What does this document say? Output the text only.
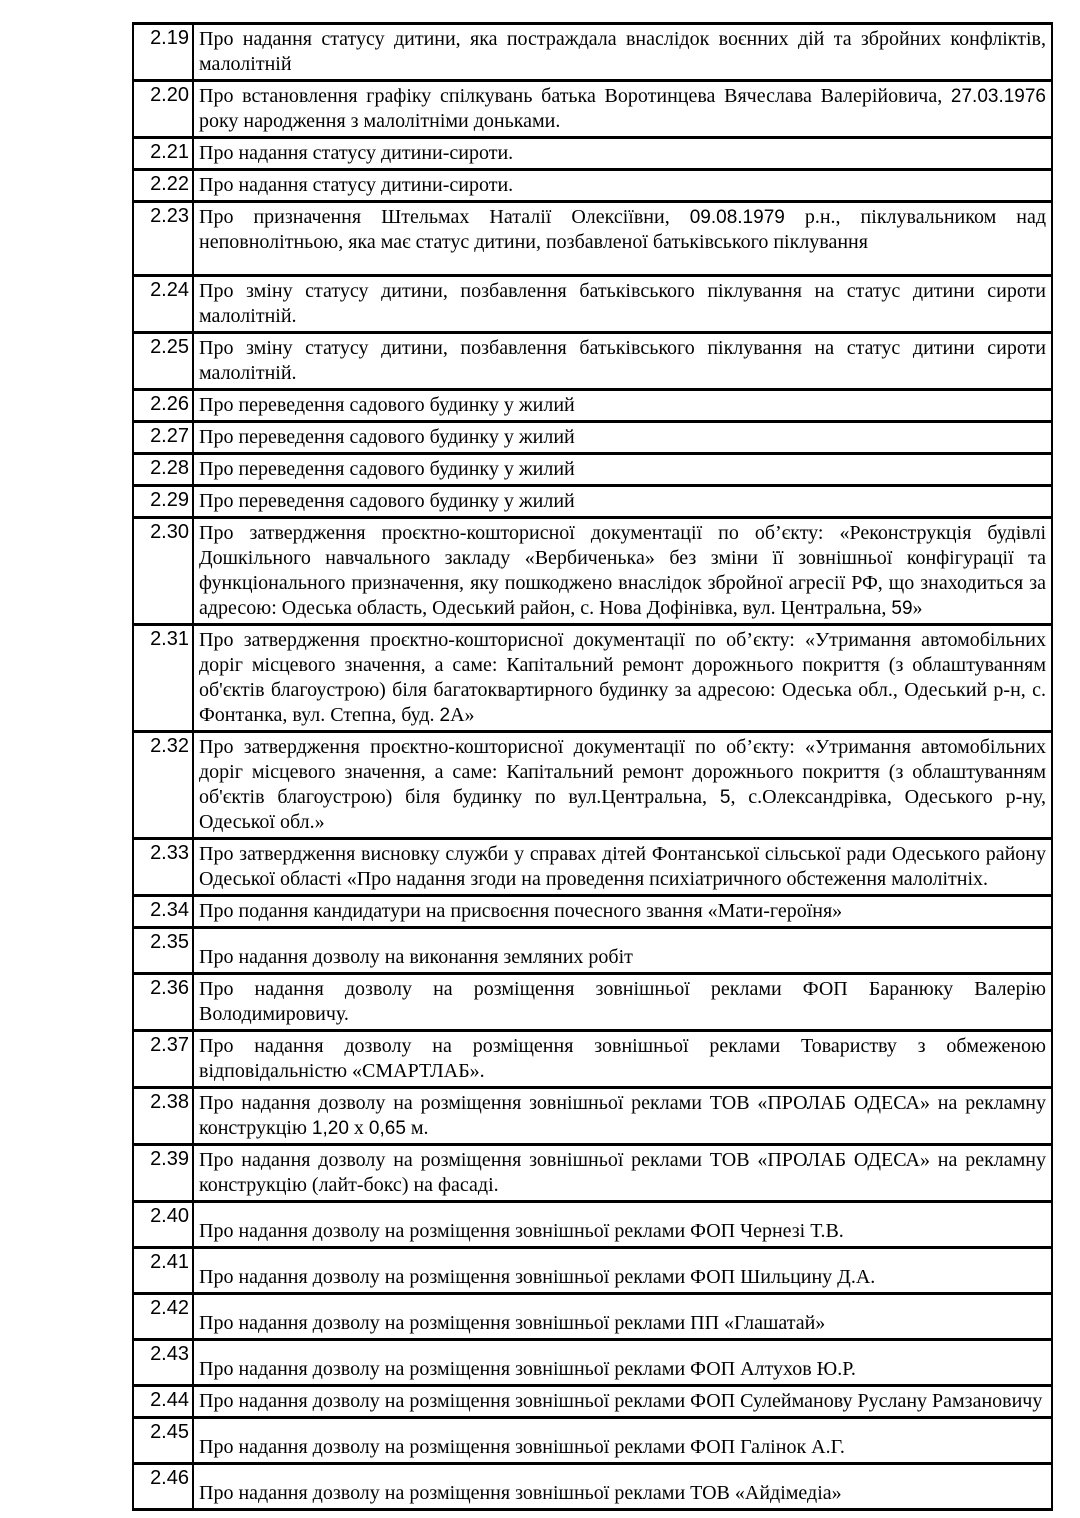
2.19 Про надання статусу дитини, яка постраждала внаслідок воєнних дій та збройних конфліктів, малолітній
2.20 Про встановлення графіку спілкувань батька Воротинцева Вячеслава Валерійовича, 27.03.1976 року народження з малолітніми доньками.
2.21 Про надання статусу дитини-сироти.
2.22 Про надання статусу дитини-сироти.
2.23 Про призначення Штельмах Наталії Олексіївни, 09.08.1979 р.н., піклувальником над неповнолітньою, яка має статус дитини, позбавленої батьківського піклування
2.24 Про зміну статусу дитини, позбавлення батьківського піклування на статус дитини сироти малолітній.
2.25 Про зміну статусу дитини, позбавлення батьківського піклування на статус дитини сироти малолітній.
2.26 Про переведення садового будинку у жилий
2.27 Про переведення садового будинку у жилий
2.28 Про переведення садового будинку у жилий
2.29 Про переведення садового будинку у жилий
2.30 Про затвердження проєктно-кошторисної документації по об’єкту: «Реконструкція будівлі Дошкільного навчального закладу «Вербиченька» без зміни її зовнішньої конфігурації та функціонального призначення, яку пошкоджено внаслідок збройної агресії РФ, що знаходиться за адресою: Одеська область, Одеський район, с. Нова Дофінівка, вул. Центральна, 59»
2.31 Про затвердження проєктно-кошторисної документації по об’єкту: «Утримання автомобільних доріг місцевого значення, а саме: Капітальний ремонт дорожнього покриття (з облаштуванням об'єктів благоустрою) біля багатоквартирного будинку за адресою: Одеська обл., Одеський р-н, с. Фонтанка, вул. Степна, буд. 2А»
2.32 Про затвердження проєктно-кошторисної документації по об’єкту: «Утримання автомобільних доріг місцевого значення, а саме: Капітальний ремонт дорожнього покриття (з облаштуванням об'єктів благоустрою) біля будинку по вул.Центральна, 5, с.Олександрівка, Одеського р-ну, Одеської обл.»
2.33 Про затвердження висновку служби у справах дітей Фонтанської сільської ради Одеського району Одеської області «Про надання згоди на проведення психіатричного обстеження малолітніх.
2.34 Про подання кандидатури на присвоєння почесного звання «Мати-героїня»
2.35
Про надання дозволу на виконання земляних робіт
2.36 Про надання дозволу на розміщення зовнішньої реклами ФОП Баранюку Валерію Володимировичу.
2.37 Про надання дозволу на розміщення зовнішньої реклами Товариству з обмеженою відповідальністю «СМАРТЛАБ».
2.38 Про надання дозволу на розміщення зовнішньої реклами ТОВ «ПРОЛАБ ОДЕСА» на рекламну конструкцію 1,20 х 0,65 м.
2.39 Про надання дозволу на розміщення зовнішньої реклами ТОВ «ПРОЛАБ ОДЕСА» на рекламну конструкцію (лайт-бокс) на фасаді.
2.40
Про надання дозволу на розміщення зовнішньої реклами ФОП Чернезі Т.В.
2.41
Про надання дозволу на розміщення зовнішньої реклами ФОП Шильцину Д.А.
2.42
Про надання дозволу на розміщення зовнішньої реклами ПП «Глашатай»
2.43
Про надання дозволу на розміщення зовнішньої реклами ФОП Алтухов Ю.Р.
2.44 Про надання дозволу на розміщення зовнішньої реклами ФОП Сулейманову Руслану Рамзановичу
2.45
Про надання дозволу на розміщення зовнішньої реклами ФОП Галінок А.Г.
2.46
Про надання дозволу на розміщення зовнішньої реклами ТОВ «Айдімедіа»
